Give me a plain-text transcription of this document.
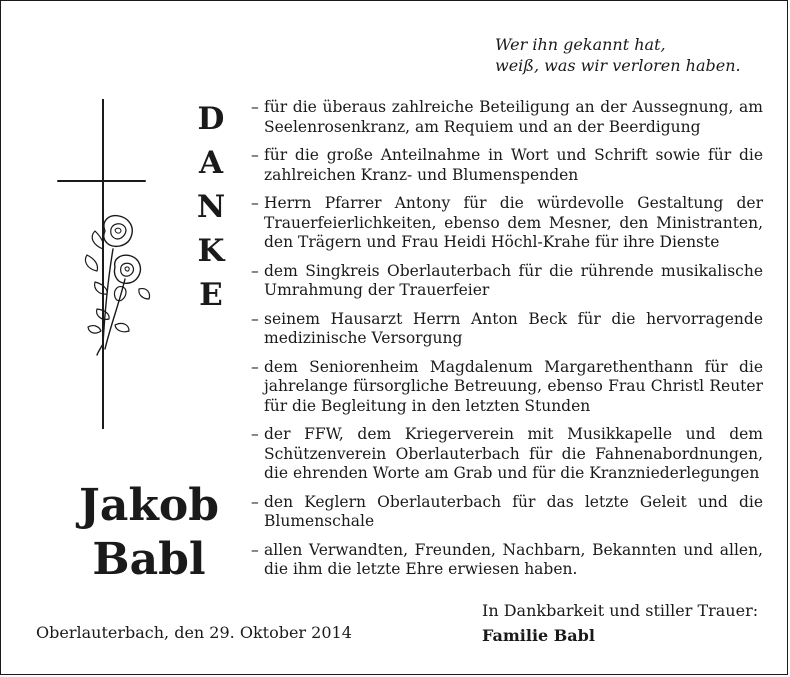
Wer ihn gekannt hat,
weiß, was wir verloren haben.
D
A
N
K
E
Jakob
Babl
– für die überaus zahlreiche Beteiligung an der Aussegnung, am Seelenrosenkranz, am Requiem und an der Beerdigung
– für die große Anteilnahme in Wort und Schrift sowie für die zahlreichen Kranz- und Blumenspenden
– Herrn Pfarrer Antony für die würdevolle Gestaltung der Trauerfeierlichkeiten, ebenso dem Mesner, den Ministranten, den Trägern und Frau Heidi Höchl-Krahe für ihre Dienste
– dem Singkreis Oberlauterbach für die rührende musikalische Umrahmung der Trauerfeier
– seinem Hausarzt Herrn Anton Beck für die hervorragende medizinische Versorgung
– dem Seniorenheim Magdalenum Margarethenthann für die jahrelange fürsorgliche Betreuung, ebenso Frau Christl Reuter für die Begleitung in den letzten Stunden
– der FFW, dem Kriegerverein mit Musikkapelle und dem Schützenverein Oberlauterbach für die Fahnenabordnungen, die ehrenden Worte am Grab und für die Kranzniederlegungen
– den Keglern Oberlauterbach für das letzte Geleit und die Blumenschale
– allen Verwandten, Freunden, Nachbarn, Bekannten und allen, die ihm die letzte Ehre erwiesen haben.
Oberlauterbach, den 29. Oktober 2014
In Dankbarkeit und stiller Trauer:
Familie Babl
